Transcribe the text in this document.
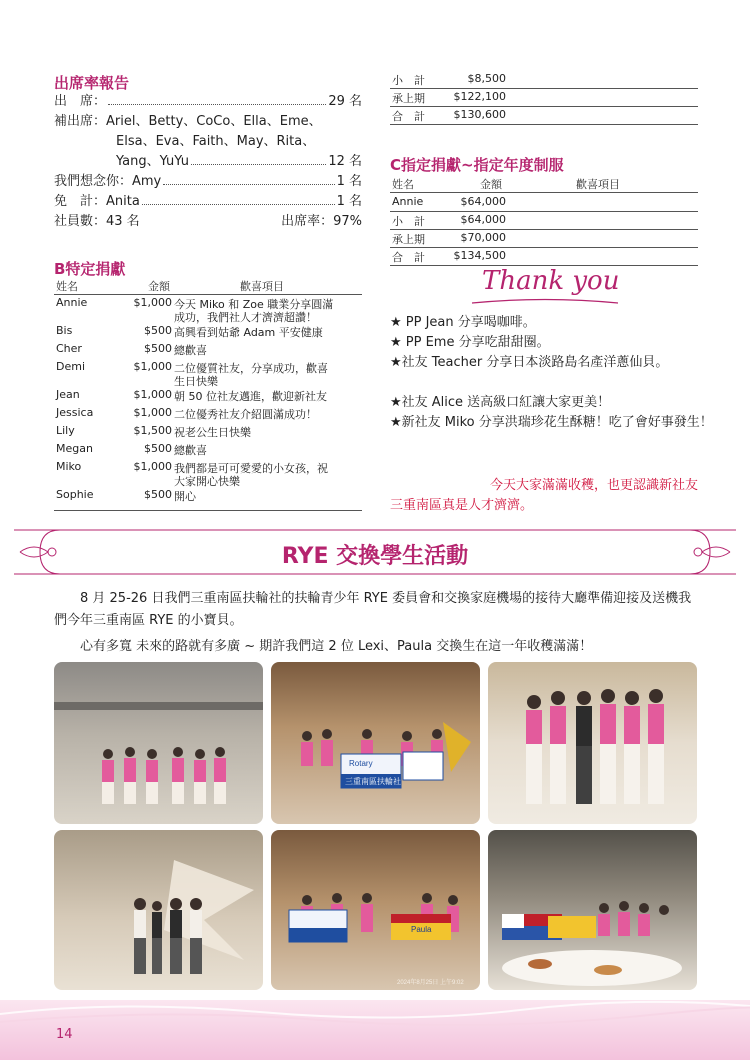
出席率報告
出　席：	29 名
補出席： Ariel、Betty、CoCo、Ella、Eme、
Elsa、Eva、Faith、May、Rita、
Yang、YuYu	12 名
我們想念你：Amy	1 名
免　計：Anita	1 名
社員數：43 名	出席率：97%
B特定捐獻
姓名	金額	歡喜項目
Annie	$1,000 今天 Miko 和 Zoe 職業分享圓滿
成功，我們社人才濟濟超讚！
Bis	$500 高興看到姑爺 Adam 平安健康
Cher	$500 總歡喜
Demi	$1,000 二位優質社友，分享成功，歡喜
生日快樂
Jean	$1,000 朝 50 位社友邁進，歡迎新社友
Jessica	$1,000 二位優秀社友介紹圓滿成功！
Lily	$1,500 祝老公生日快樂
Megan	$500 總歡喜
Miko	$1,000 我們都是可可愛愛的小女孩，祝
大家開心快樂
Sophie	$500 開心
小　計	$8,500
承上期	$122,100
合　計	$130,600
C指定捐獻~指定年度制服
姓名	金額	歡喜項目
Annie	$64,000
小　計	$64,000
承上期	$70,000
合　計	$134,500
Thank you
★ PP Jean 分享喝咖啡。
★ PP Eme 分享吃甜甜圈。
★社友 Teacher 分享日本淡路島名產洋蔥仙貝。
★社友 Alice 送高級口紅讓大家更美！
★新社友 Miko 分享洪瑞珍花生酥糖！吃了會好事發生！
今天大家滿滿收穫，也更認識新社友
三重南區真是人才濟濟。
RYE 交換學生活動
8 月 25-26 日我們三重南區扶輪社的扶輪青少年 RYE 委員會和交換家庭機場的接待大廳準備迎接及送機我們今年三重南區 RYE 的小寶貝。
心有多寬 未來的路就有多廣 ~ 期許我們這 2 位 Lexi、Paula 交換生在這一年收穫滿滿！
Rotary
三重南區扶輪社
Paula
2024年8月25日 上午9:02
14
